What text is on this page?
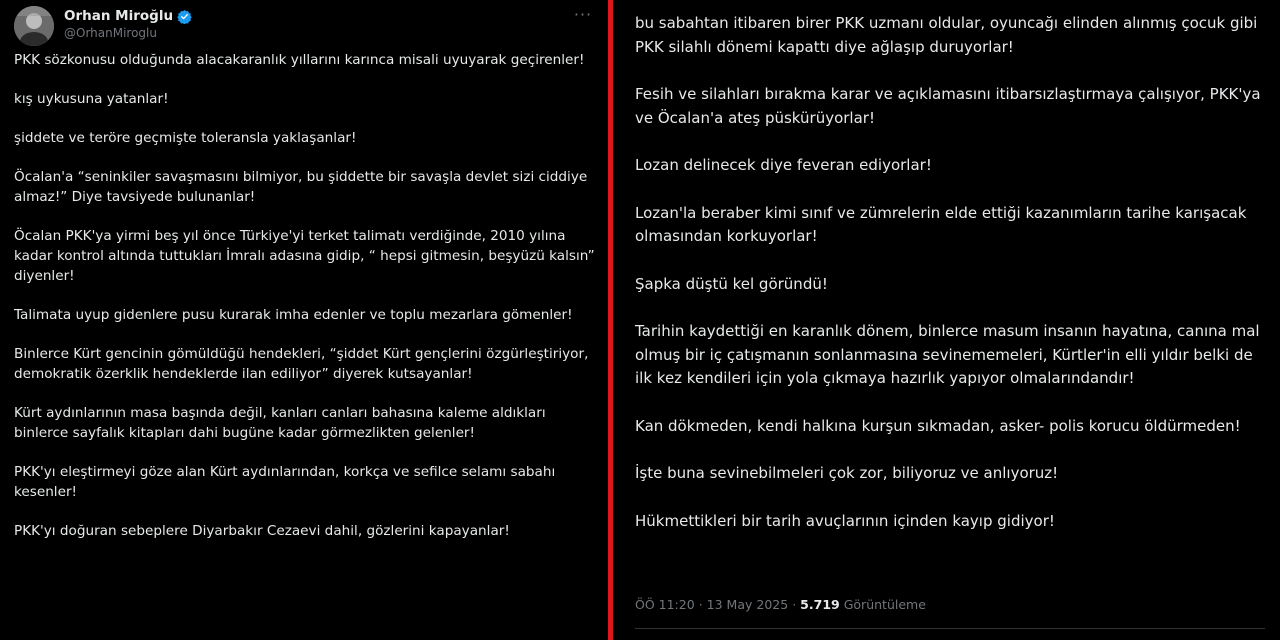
Orhan Miroğlu
@OrhanMiroglu
···

PKK sözkonusu olduğunda alacakaranlık yıllarını karınca misali uyuyarak geçirenler!

kış uykusuna yatanlar!

şiddete ve teröre geçmişte toleransla yaklaşanlar!

Öcalan'a “seninkiler savaşmasını bilmiyor, bu şiddette bir savaşla devlet sizi ciddiye almaz!” Diye tavsiyede bulunanlar!

Öcalan PKK'ya yirmi beş yıl önce Türkiye'yi terket talimatı verdiğinde, 2010 yılına kadar kontrol altında tuttukları İmralı adasına gidip, “ hepsi gitmesin, beşyüzü kalsın” diyenler!

Talimata uyup gidenlere pusu kurarak imha edenler ve toplu mezarlara gömenler!

Binlerce Kürt gencinin gömüldüğü hendekleri, “şiddet Kürt gençlerini özgürleştiriyor, demokratik özerklik hendeklerde ilan ediliyor” diyerek kutsayanlar!

Kürt aydınlarının masa başında değil, kanları canları bahasına kaleme aldıkları binlerce sayfalık kitapları dahi bugüne kadar görmezlikten gelenler!

PKK'yı eleştirmeyi göze alan Kürt aydınlarından, korkça ve sefilce selamı sabahı kesenler!

PKK'yı doğuran sebeplere Diyarbakır Cezaevi dahil, gözlerini kapayanlar!

bu sabahtan itibaren birer PKK uzmanı oldular, oyuncağı elinden alınmış çocuk gibi PKK silahlı dönemi kapattı diye ağlaşıp duruyorlar!

Fesih ve silahları bırakma karar ve açıklamasını itibarsızlaştırmaya çalışıyor, PKK'ya ve Öcalan'a ateş püskürüyorlar!

Lozan delinecek diye feveran ediyorlar!

Lozan'la beraber kimi sınıf ve zümrelerin elde ettiği kazanımların tarihe karışacak olmasından korkuyorlar!

Şapka düştü kel göründü!

Tarihin kaydettiği en karanlık dönem, binlerce masum insanın hayatına, canına mal olmuş bir iç çatışmanın sonlanmasına sevinememeleri, Kürtler'in elli yıldır belki de ilk kez kendileri için yola çıkmaya hazırlık yapıyor olmalarındandır!

Kan dökmeden, kendi halkına kurşun sıkmadan, asker- polis korucu öldürmeden!

İşte buna sevinebilmeleri çok zor, biliyoruz ve anlıyoruz!

Hükmettikleri bir tarih avuçlarının içinden kayıp gidiyor!

ÖÖ 11:20 · 13 May 2025 · 5.719 Görüntüleme
